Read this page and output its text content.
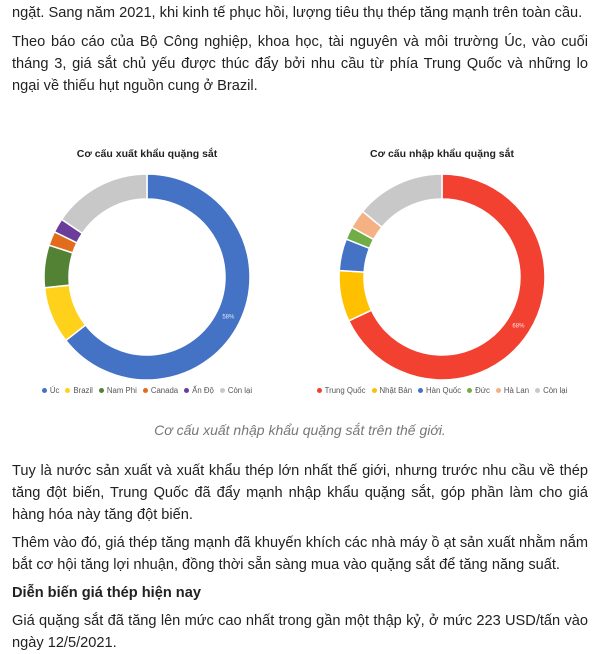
ngặt. Sang năm 2021, khi kinh tế phục hồi, lượng tiêu thụ thép tăng mạnh trên toàn cầu.

Theo báo cáo của Bộ Công nghiệp, khoa học, tài nguyên và môi trường Úc, vào cuối tháng 3, giá sắt chủ yếu được thúc đẩy bởi nhu cầu từ phía Trung Quốc và những lo ngại về thiếu hụt nguồn cung ở Brazil.

Cơ cấu xuất khẩu quặng sắt
58%
Úc Brazil Nam Phi Canada Ấn Độ Còn lại
Cơ cấu nhập khẩu quặng sắt
68%
Trung Quốc Nhật Bản Hàn Quốc Đức Hà Lan Còn lại

Cơ cấu xuất nhập khẩu quặng sắt trên thế giới.

Tuy là nước sản xuất và xuất khẩu thép lớn nhất thế giới, nhưng trước nhu cầu về thép tăng đột biến, Trung Quốc đã đẩy mạnh nhập khẩu quặng sắt, góp phần làm cho giá hàng hóa này tăng đột biến.

Thêm vào đó, giá thép tăng mạnh đã khuyến khích các nhà máy ồ ạt sản xuất nhằm nắm bắt cơ hội tăng lợi nhuận, đồng thời sẵn sàng mua vào quặng sắt để tăng năng suất.

Diễn biến giá thép hiện nay

Giá quặng sắt đã tăng lên mức cao nhất trong gần một thập kỷ, ở mức 223 USD/tấn vào ngày 12/5/2021.
